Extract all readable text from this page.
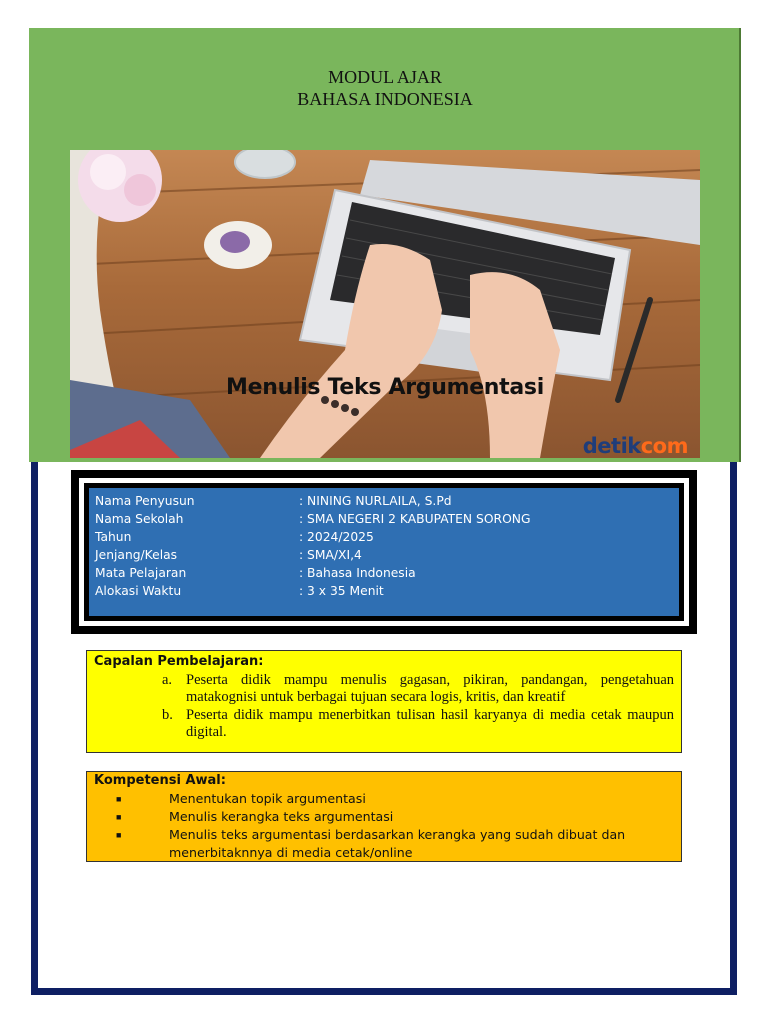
MODUL AJAR
BAHASA INDONESIA
Menulis Teks Argumentasi
detikcom
Nama Penyusun	: NINING NURLAILA, S.Pd
Nama Sekolah	: SMA NEGERI 2 KABUPATEN SORONG
Tahun	: 2024/2025
Jenjang/Kelas	: SMA/XI,4
Mata Pelajaran	: Bahasa Indonesia
Alokasi Waktu	: 3 x 35 Menit
Capalan Pembelajaran:
a. Peserta didik mampu menulis gagasan, pikiran, pandangan, pengetahuan matakognisi untuk berbagai tujuan secara logis, kritis, dan kreatif
b. Peserta didik mampu menerbitkan tulisan hasil karyanya di media cetak maupun digital.
Kompetensi Awal:
■	Menentukan topik argumentasi
■	Menulis kerangka teks argumentasi
■	Menulis teks argumentasi berdasarkan kerangka yang sudah dibuat dan menerbitaknnya di media cetak/online
